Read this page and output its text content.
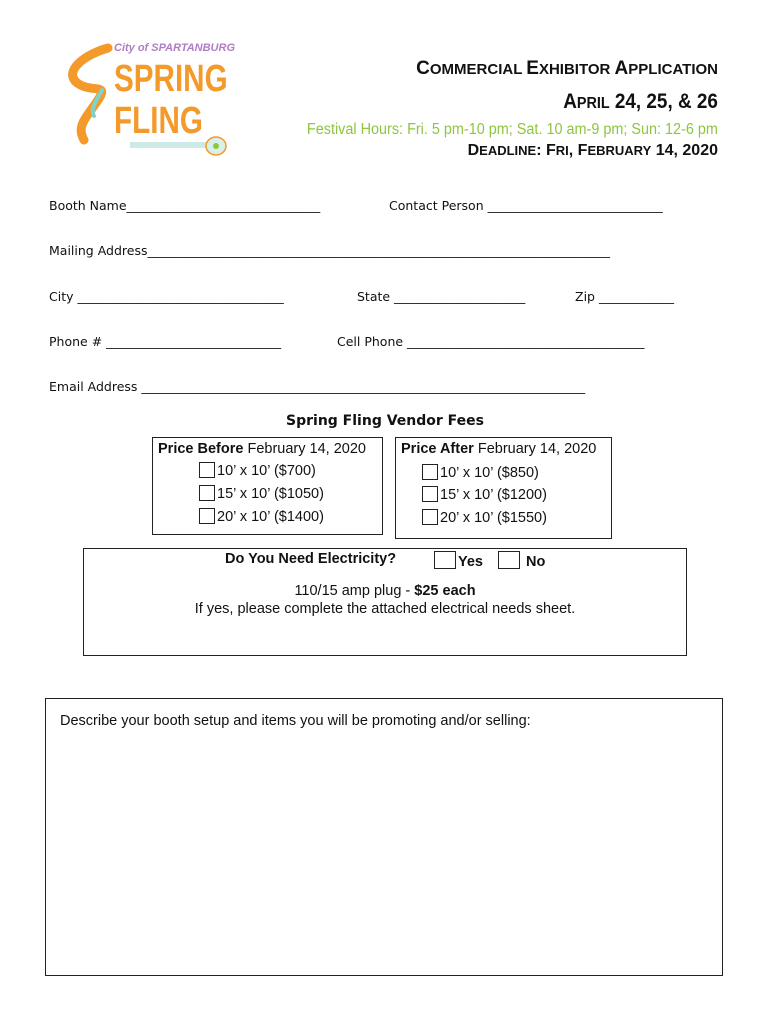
City of SPARTANBURG
SPRING
FLING
COMMERCIAL EXHIBITOR APPLICATION
APRIL 24, 25, & 26
Festival Hours: Fri. 5 pm-10 pm; Sat. 10 am-9 pm; Sun: 12-6 pm
DEADLINE: FRI, FEBRUARY 14, 2020
Booth Name_______________________________	Contact Person ____________________________
Mailing Address__________________________________________________________________________
City _________________________________	State _____________________	Zip ____________
Phone # ____________________________	Cell Phone ______________________________________
Email Address _______________________________________________________________________
Spring Fling Vendor Fees
Price Before February 14, 2020
10’ x 10’ ($700)
15’ x 10’ ($1050)
20’ x 10’ ($1400)
Price After February 14, 2020
10’ x 10’ ($850)
15’ x 10’ ($1200)
20’ x 10’ ($1550)
Do You Need Electricity?	Yes	No
110/15 amp plug - $25 each
If yes, please complete the attached electrical needs sheet.
Describe your booth setup and items you will be promoting and/or selling:
